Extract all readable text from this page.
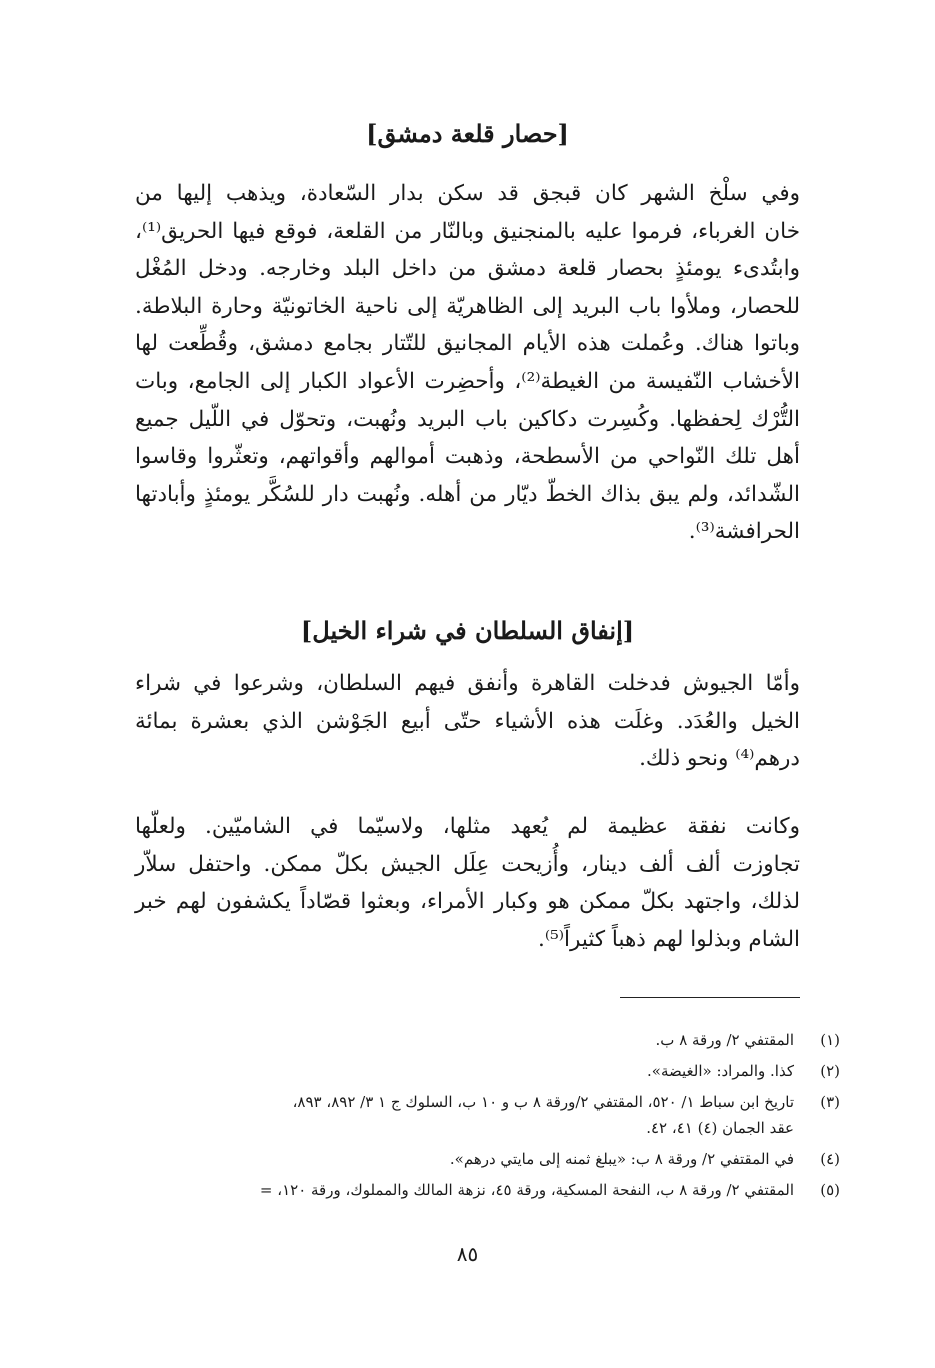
[حصار قلعة دمشق]
وفي سلْخ الشهر كان قبجق قد سكن بدار السّعادة، ويذهب إليها من
خان الغرباء، فرموا عليه بالمنجنيق وبالنّار من القلعة، فوقع فيها الحريق⁽¹⁾،
وابتُدىء يومئذٍ بحصار قلعة دمشق من داخل البلد وخارجه. ودخل المُغْل
للحصار، وملأوا باب البريد إلى الظاهريّة إلى ناحية الخاتونيّة وحارة البلاطة.
وباتوا هناك. وعُملت هذه الأيام المجانيق للتّتار بجامع دمشق، وقُطِّعت لها
الأخشاب النّفيسة من الغيطة⁽²⁾، وأحضِرت الأعواد الكبار إلى الجامع، وبات
التُّرْك لِحفظها. وكُسِرت دكاكين باب البريد ونُهبت، وتحوّل في اللّيل جميع
أهل تلك النّواحي من الأسطحة، وذهبت أموالهم وأقواتهم، وتعثّروا وقاسوا
الشّدائد، ولم يبق بذاك الخطّ ديّار من أهله. ونُهبت دار للسُكَّر يومئذٍ وأبادتها
الحرافشة⁽³⁾.
[إنفاق السلطان في شراء الخيل]
وأمّا الجيوش فدخلت القاهرة وأنفق فيهم السلطان، وشرعوا في شراء
الخيل والعُدَد. وغلَت هذه الأشياء حتّى أبيع الجَوْشن الذي بعشرة بمائة
درهم⁽⁴⁾ ونحو ذلك.
وكانت نفقة عظيمة لم يُعهد مثلها، ولاسيّما في الشاميّين. ولعلّها
تجاوزت ألف ألف دينار، وأُزيحت عِلَل الجيش بكلّ ممكن. واحتفل سلاّر
لذلك، واجتهد بكلّ ممكن هو وكبار الأمراء، وبعثوا قصّاداً يكشفون لهم خبر
الشام وبذلوا لهم ذهباً كثيراً⁽⁵⁾.
(١)
المقتفي ٢/ ورقة ٨ ب.
(٢)
كذا. والمراد: «الغيضة».
(٣)
تاريخ ابن سباط ١/ ٥٢٠، المقتفي ٢/ورقة ٨ ب و ١٠ ب، السلوك ج ١ ٣/ ٨٩٢، ٨٩٣،
عقد الجمان (٤) ٤١، ٤٢.
(٤)
في المقتفي ٢/ ورقة ٨ ب: «يبلغ ثمنه إلى مايتي درهم».
(٥)
المقتفي ٢/ ورقة ٨ ب، النفحة المسكية، ورقة ٤٥، نزهة المالك والمملوك، ورقة ١٢٠، =
٨٥
